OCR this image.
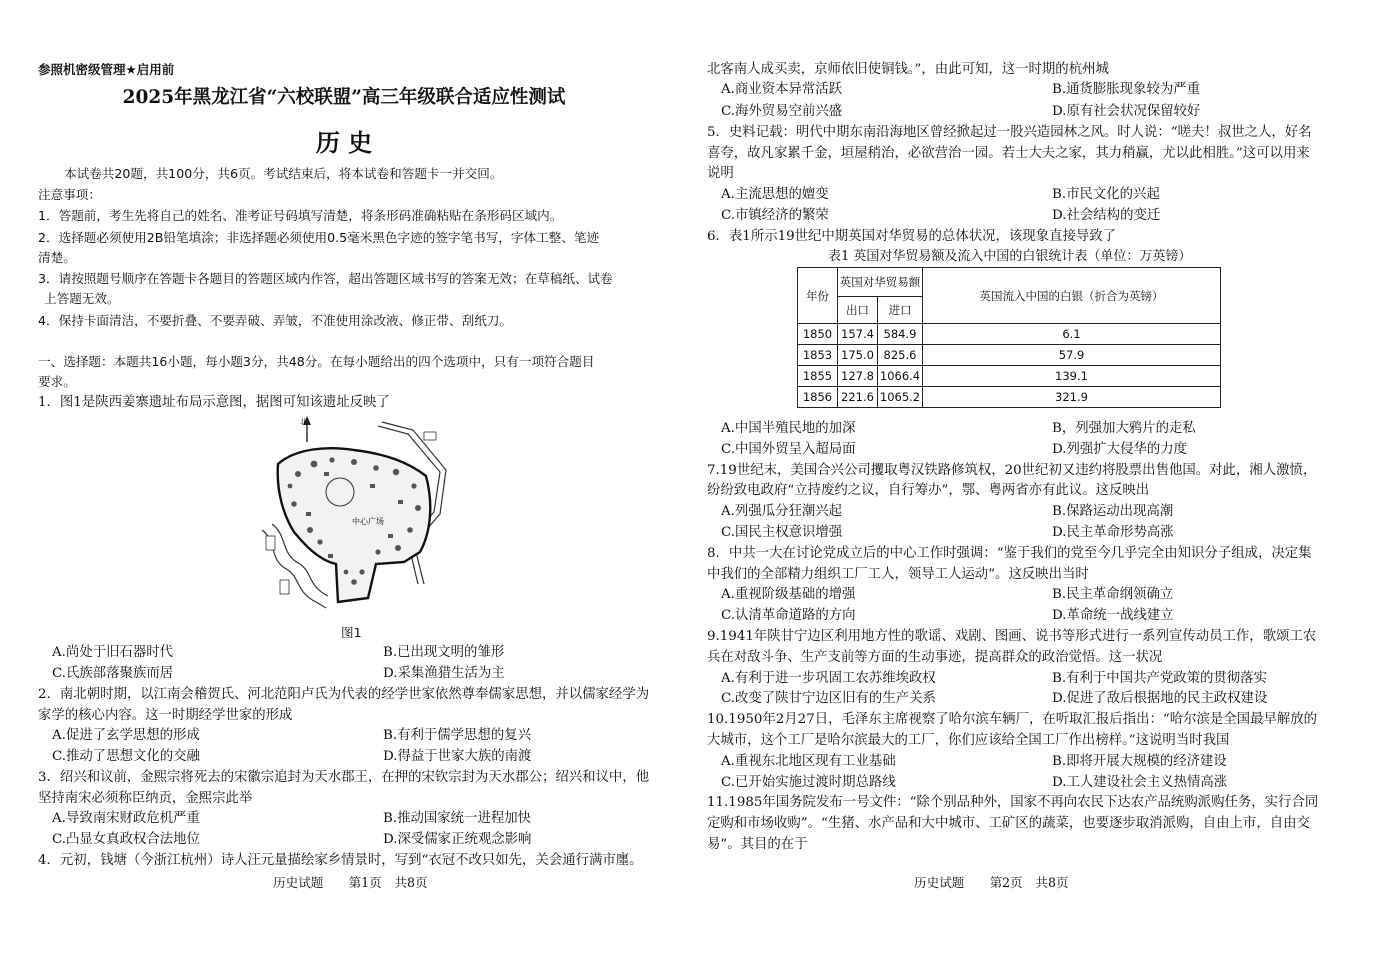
参照机密级管理★启用前
2025年黑龙江省“六校联盟”高三年级联合适应性测试
历 史
本试卷共20题，共100分，共6页。考试结束后，将本试卷和答题卡一并交回。
注意事项：
1．答题前，考生先将自己的姓名、准考证号码填写清楚，将条形码准确粘贴在条形码区域内。
2．选择题必须使用2B铅笔填涂；非选择题必须使用0.5毫米黑色字迹的签字笔书写，字体工整、笔迹
清楚。
3．请按照题号顺序在答题卡各题目的答题区域内作答，超出答题区域书写的答案无效；在草稿纸、试卷
上答题无效。
4．保持卡面清洁，不要折叠、不要弄破、弄皱，不准使用涂改液、修正带、刮纸刀。
一、选择题：本题共16小题，每小题3分，共48分。在每小题给出的四个选项中，只有一项符合题目
要求。
1．图1是陕西姜寨遗址布局示意图，据图可知该遗址反映了
北
中心广场
图1
A.尚处于旧石器时代	B.已出现文明的雏形
C.氏族部落聚族而居	D.采集渔猎生活为主
2．南北朝时期，以江南会稽贺氏、河北范阳卢氏为代表的经学世家依然尊奉儒家思想，并以儒家经学为
家学的核心内容。这一时期经学世家的形成
A.促进了玄学思想的形成	B.有利于儒学思想的复兴
C.推动了思想文化的交融	D.得益于世家大族的南渡
3．绍兴和议前，金熙宗将死去的宋徽宗追封为天水郡王，在押的宋钦宗封为天水郡公；绍兴和议中，他
坚持南宋必须称臣纳贡，金熙宗此举
A.导致南宋财政危机严重	B.推动国家统一进程加快
C.凸显女真政权合法地位	D.深受儒家正统观念影响
4．元初，钱塘（今浙江杭州）诗人汪元量描绘家乡情景时，写到“衣冠不改只如先，关会通行满市廛。
历史试题　　第1页　共8页
北客南人成买卖，京师依旧使铜钱。”，由此可知，这一时期的杭州城
A.商业资本异常活跃	B.通货膨胀现象较为严重
C.海外贸易空前兴盛	D.原有社会状况保留较好
5．史料记载：明代中期东南沿海地区曾经掀起过一股兴造园林之风。时人说：“嗟夫！叔世之人，好名
喜夸，故凡家累千金，垣屋稍治，必欲营治一园。若士大夫之家，其力稍赢，尤以此相胜。”这可以用来
说明
A.主流思想的嬗变	B.市民文化的兴起
C.市镇经济的繁荣	D.社会结构的变迁
6．表1所示19世纪中期英国对华贸易的总体状况，该现象直接导致了
表1 英国对华贸易额及流入中国的白银统计表（单位：万英镑）
年份	英国对华贸易额		英国流入中国的白银（折合为英镑）
	出口	进口	
1850	157.4	584.9	6.1
1853	175.0	825.6	57.9
1855	127.8	1066.4	139.1
1856	221.6	1065.2	321.9
A.中国半殖民地的加深	B，列强加大鸦片的走私
C.中国外贸呈入超局面	D.列强扩大侵华的力度
7.19世纪末，美国合兴公司攫取粤汉铁路修筑权，20世纪初又违约将股票出售他国。对此，湘人激愤，
纷纷致电政府“立持废约之议，自行筹办”，鄂、粤两省亦有此议。这反映出
A.列强瓜分狂潮兴起	B.保路运动出现高潮
C.国民主权意识增强	D.民主革命形势高涨
8．中共一大在讨论党成立后的中心工作时强调：“鉴于我们的党至今几乎完全由知识分子组成，决定集
中我们的全部精力组织工厂工人，领导工人运动”。这反映出当时
A.重视阶级基础的增强	B.民主革命纲领确立
C.认清革命道路的方向	D.革命统一战线建立
9.1941年陕甘宁边区利用地方性的歌谣、戏剧、图画、说书等形式进行一系列宣传动员工作，歌颂工农
兵在对敌斗争、生产支前等方面的生动事迹，提高群众的政治觉悟。这一状况
A.有利于进一步巩固工农苏维埃政权	B.有利于中国共产党政策的贯彻落实
C.改变了陕甘宁边区旧有的生产关系	D.促进了敌后根据地的民主政权建设
10.1950年2月27日，毛泽东主席视察了哈尔滨车辆厂，在听取汇报后指出：“哈尔滨是全国最早解放的
大城市，这个工厂是哈尔滨最大的工厂，你们应该给全国工厂作出榜样。”这说明当时我国
A.重视东北地区现有工业基础	B.即将开展大规模的经济建设
C.已开始实施过渡时期总路线	D.工人建设社会主义热情高涨
11.1985年国务院发布一号文件：“除个别品种外，国家不再向农民下达农产品统购派购任务，实行合同
定购和市场收购”。“生猪、水产品和大中城市、工矿区的蔬菜，也要逐步取消派购，自由上市，自由交
易”。其目的在于
历史试题　　第2页　共8页
